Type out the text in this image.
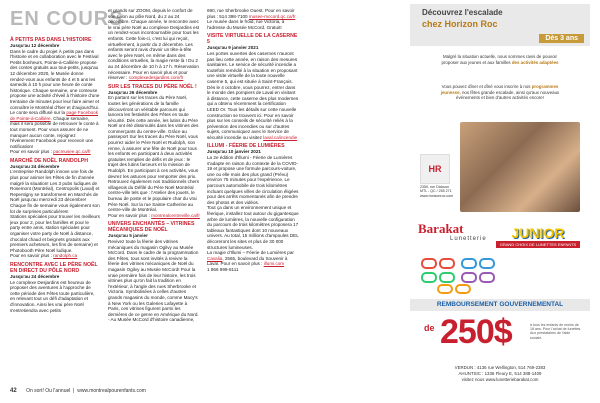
EN COURS
À PETITS PAS DANS L'HISTOIRE
Jusqu'au 12 décembre

Dans le cadre du projet À petits pas dans l'histoire et en collaboration avec le Festival Petits bonheurs, Pointe-à-Callière propose des contes gratuits aux tout-petits, jusqu'au 12 décembre 2020, le Musée donne rendez-vous aux enfants de 4 et 5 ans les samedis à 10 h pour une heure de conte historique. Chaque semaine, une conteuse propose une activité d'éveil à l'histoire d'une trentaine de minutes pour leur faire aimer et connaître le Montréal d'hier et d'aujourd'hui. Le conte sera diffusé sur la page Facebook de Pointe-à-Callière. Chaque semaine, mais il sera possible de retrouver le conte à tout moment. Pour vous assurer de ne manquer aucun conte, rejoignez l'événement Facebook pour recevoir une notification!

Pour en savoir plus : pacmusee.qc.ca/fr

MARCHÉ DE NOËL RANDOLPH
Jusqu'au 24 décembre

L'entreprise Randolph innove une fois de plus pour animer les Fêtes de fin d'année malgré la situation! Les 3 pubs ludiques de Rosemont (Montréal), Centropolis (Laval) et Repentigny se transforment en Marchés de Noël jusqu'au mercredi 23 décembre!

Chaque fin de semaine vous également son lot de surprises particulières!

Stations spéciales pour trouver les meilleurs jeux pour 2, pour les familles et pour le party entre amis, station spéciales pour organiser votre party de Noël à distance, chocolat chaud et beignets gratuits aux premiers acheteurs, les fins de semaine) et Photobooth Père Noël ludique.

Pour en savoir plus : randolph.ca

RENCONTRE AVEC LE PÈRE NOËL EN DIRECT DU PÔLE NORD
Jusqu'au 24 décembre

Le complexe Desjardins est heureux de proposer des aventures à l'approche de cette période des Fêtes toute particulière, en relevant tout un défi d'adaptation et d'innovation. Ainsi les vrai père Noël s'entretiendra avec petits

et grands sur ZOOM, depuis le confort de son salon au pôle Nord, du 2 au 24 décembre. Chaque année, le rencontre avec le vrai père Noël au complexe Desjardins est un rendez-vous incontournable pour tous les enfants. Cette fois-ci, c'est lui qui reçoit, virtuellement, à partir du 2 décembre. Les enfants seront ravis d'avoir un tête-à-tête avec le père Noël, en même dans des conditions virtuelles, la magie reste là ! Du 2 au 24 décembre de 10 h à 17 h. Réservation nécessaire. Pour en savoir plus et pour réserver : complexedesjardins.com/fr

SUR LES TRACES DU PÈRE NOËL !
Jusqu'au 26 décembre

En partant sur les traces du Père Noël, toutes les générations de la famille découvriront un véritable parcours qui lancera les festivités des Fêtes en toute sécurité. Dès cette année, les lutins du Père Noël ont été dissimulés dans les vitrines des commerçants du centre-ville. Grâce au passeport Sur les traces du Père Noël, vous pourrez aider le Père Noël et Rudolph, son renne, à assurer une fête de Noël pour tous les enfants en participant à deux activités gratuites remplies de défis et de jeux : le trajet des lutins farceurs et la mission de Rudolph. En participant à ces activités, vous devrez les astuces pour remporter des prix. Retrouvez également nos traditionnels chers villageois du Défilé du Père Noël Montréal centre-ville tels que : l'Atelier des jouets, le bureau de poste et le populaire char du vrai Père Noël. Sur la rue Sainte-Catherine au centre-ville de Montréal.

Pour en savoir plus : montrealcentreville.ca/fr

UNIVERS ENCHANTÉS – VITRINES MÉCANIQUES DE NOËL
Jusqu'au 5 janvier

Revivez toute la féerie des vitrines mécaniques du magasin Ogilvy au Musée McCord. Dans le cadre de la programmation des Fêtes, tous sont invités à revivre la féerie des vitrines mécaniques de Noël du magasin Ogilvy au Musée McCord! Pour la vraie première fois de leur histoire, les trois vitrines plus qu'on fait la tradition en l'extérieur, à l'angle des rues Sherbrooke et Victoria. Symbolisées à celles d'autres grands magasins du monde, comme Macy's à New York ou les Galeries Lafayette à Paris, ces vitrines figurent parmi les dernières de ce genre en Amérique du Nord. - Au Musée McCord d'histoire canadienne,

690, rue Sherbrooke Ouest. Pour en savoir plus : 514 398-7100 musee-mccord.qc.ca/fr. Le musée dans le froid, rue Victoria, à l'adresse du Musée McCord. Gratuit!

VISITE VIRTUELLE DE LA CASERNE 5
Jusqu'au 9 janvier 2021

Les portes ouvertes des casernes n'auront pas lieu cette année, en raison des mesures sanitaires. Le service de sécurité incendie a toutefois remédié à la situation en proposant une visite virtuelle de la toute nouvelle caserne 5, qui est située à Saint-François. Dès le 4 octobre, vous pourrez, entrer dans le monde des pompiers de Laval en visitant à distance, cette caserne des plus modernes qui a obtenu récemment la certification LEED Or. Tous les détails sur cette nouvelle construction se trouvent ici. Pour en savoir plus sur les conseils de sécurité reliés à la prévention des incendies ou sur d'autres sujets, communiquez avec le Service de sécurité incendie ou visitez laval.ca/incendie

ILLUMI - FÉERIE DE LUMIÈRES
Jusqu'au 10 janvier 2021

La 2e édition d'Illumi - Féerie de Lumières s'adapte en raison du contexte de la COVID-19 et propose une formule parcours-voiture, une ou elle mois des plus grand (Prévu) environ 75 minutes pour l'expérience. Le parcours automobile de trois kilomètres incluant quelques villes de circulation éligées pour des arrêts momentanés afin de prendre des photos et des vidéos.

Tout ça dans un environnement unique et féerique, installez tout autour du gigantesque arbre de lumières, la nouvelle configuration du parcours de trois kilomètres proposera 17 tableaux fantastiques dont 10 nouveaux univers. Au total, 15 millions d'ampoules DEL décoreront les sites et plus de 30 000 structures lumineuses.

La magie d'Illumi – Féerie de Lumières par Cavalia, 2565, boulevard du Souvenir à Laval. Pour en savoir plus : illumi.com

1 866 999-8111

Découvrez l'escalade
chez Horizon Roc
Dès 3 ans
Malgré la situation actuelle, nous sommes ravis de pouvoir proposer aux jeunes et aux familles des activités adaptées
Vous pouvez dîner et dîné vous inscrire à nos programmes jeunesse, nos fêtes grande escalade, ainsi qu'aux nouveaux événements et bien d'autres activités encore!
HR
2350, rue Dickson
MTL - QC / 255 271
www.horizonroc.com
Barakat
Lunetterie	JUNIOR
GRAND CHOIX DE LUNETTES ENFANTS
REMBOURSEMENT GOUVERNEMENTAL
de 250$	à tous les enfants de moins de 18 ans. Pour l'achat de lunettes. Aux prestataires de l'aide sociale.
VERDUN : 4136 rue Wellington, 514 769-2383
AHUNTSIC : 1336 Fleury E, 514 388-1409
visitez nous www.lunetteriebarakat.com
42 On sort! Ou l'annuel  |  www.montrealpourenfants.com
